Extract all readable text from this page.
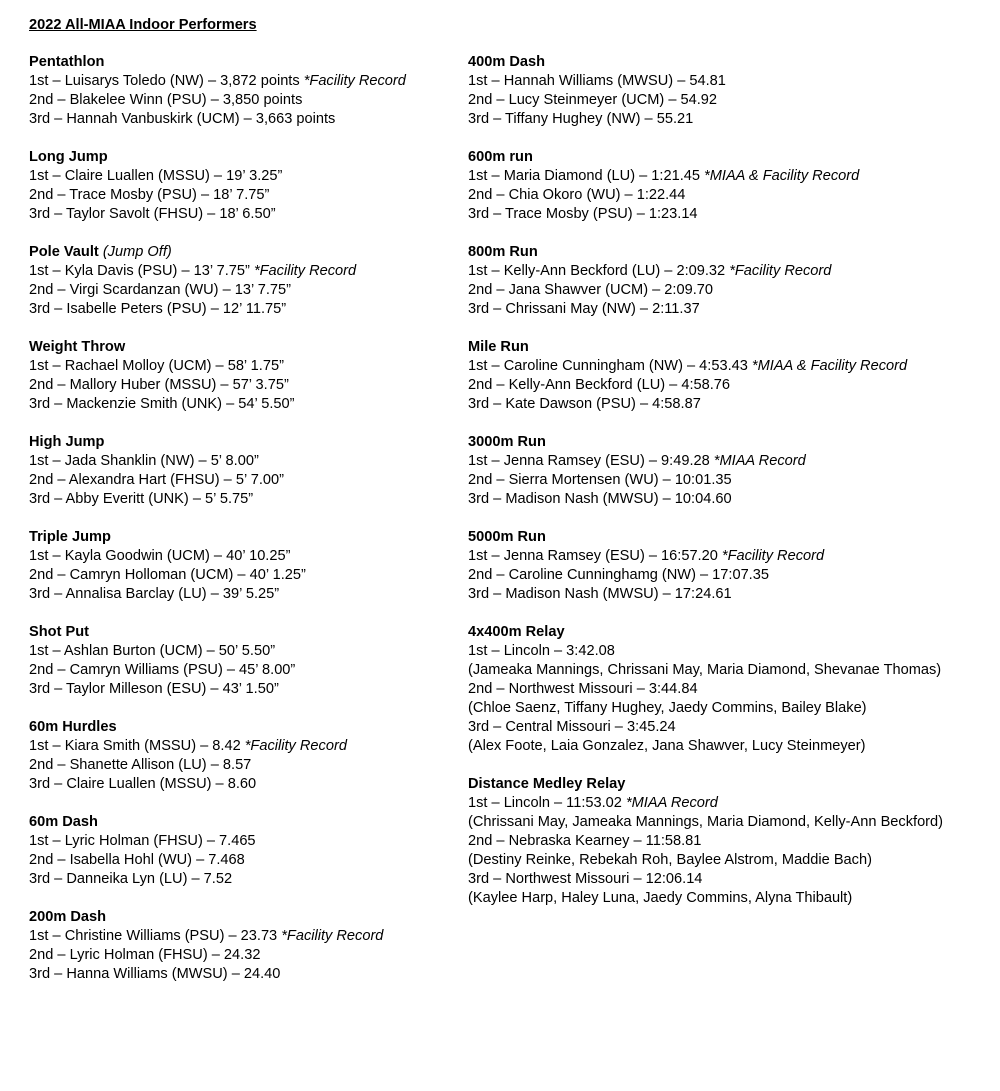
2022 All-MIAA Indoor Performers
Pentathlon
1st – Luisarys Toledo (NW) – 3,872 points *Facility Record
2nd – Blakelee Winn (PSU) – 3,850 points
3rd – Hannah Vanbuskirk (UCM) – 3,663 points
Long Jump
1st – Claire Luallen (MSSU) – 19’ 3.25”
2nd – Trace Mosby (PSU) – 18’ 7.75”
3rd – Taylor Savolt (FHSU) – 18’ 6.50”
Pole Vault (Jump Off)
1st – Kyla Davis (PSU) – 13’ 7.75” *Facility Record
2nd – Virgi Scardanzan (WU) – 13’ 7.75”
3rd – Isabelle Peters (PSU) – 12’ 11.75”
Weight Throw
1st – Rachael Molloy (UCM) – 58’ 1.75”
2nd – Mallory Huber (MSSU) – 57’ 3.75”
3rd – Mackenzie Smith (UNK) – 54’ 5.50”
High Jump
1st – Jada Shanklin (NW) – 5’ 8.00”
2nd – Alexandra Hart (FHSU) – 5’ 7.00”
3rd – Abby Everitt (UNK) – 5’ 5.75”
Triple Jump
1st – Kayla Goodwin (UCM) – 40’ 10.25”
2nd – Camryn Holloman (UCM) – 40’ 1.25”
3rd – Annalisa Barclay (LU) – 39’ 5.25”
Shot Put
1st – Ashlan Burton (UCM) – 50’ 5.50”
2nd – Camryn Williams (PSU) – 45’ 8.00”
3rd – Taylor Milleson (ESU) – 43’ 1.50”
60m Hurdles
1st – Kiara Smith (MSSU) – 8.42 *Facility Record
2nd – Shanette Allison (LU) – 8.57
3rd – Claire Luallen (MSSU) – 8.60
60m Dash
1st – Lyric Holman (FHSU) – 7.465
2nd – Isabella Hohl (WU) – 7.468
3rd – Danneika Lyn (LU) – 7.52
200m Dash
1st – Christine Williams (PSU) – 23.73 *Facility Record
2nd – Lyric Holman (FHSU) – 24.32
3rd – Hanna Williams (MWSU) – 24.40
400m Dash
1st – Hannah Williams (MWSU) – 54.81
2nd – Lucy Steinmeyer (UCM) – 54.92
3rd – Tiffany Hughey (NW) – 55.21
600m run
1st – Maria Diamond (LU) – 1:21.45 *MIAA & Facility Record
2nd – Chia Okoro (WU) – 1:22.44
3rd – Trace Mosby (PSU) – 1:23.14
800m Run
1st – Kelly-Ann Beckford (LU) – 2:09.32 *Facility Record
2nd – Jana Shawver (UCM) – 2:09.70
3rd – Chrissani May (NW) – 2:11.37
Mile Run
1st – Caroline Cunningham (NW) – 4:53.43 *MIAA & Facility Record
2nd – Kelly-Ann Beckford (LU) – 4:58.76
3rd – Kate Dawson (PSU) – 4:58.87
3000m Run
1st – Jenna Ramsey (ESU) – 9:49.28 *MIAA Record
2nd – Sierra Mortensen (WU) – 10:01.35
3rd – Madison Nash (MWSU) – 10:04.60
5000m Run
1st – Jenna Ramsey (ESU) – 16:57.20 *Facility Record
2nd – Caroline Cunninghamg (NW) – 17:07.35
3rd – Madison Nash (MWSU) – 17:24.61
4x400m Relay
1st – Lincoln – 3:42.08
(Jameaka Mannings, Chrissani May, Maria Diamond, Shevanae Thomas)
2nd – Northwest Missouri – 3:44.84
(Chloe Saenz, Tiffany Hughey, Jaedy Commins, Bailey Blake)
3rd – Central Missouri – 3:45.24
(Alex Foote, Laia Gonzalez, Jana Shawver, Lucy Steinmeyer)
Distance Medley Relay
1st – Lincoln – 11:53.02 *MIAA Record
(Chrissani May, Jameaka Mannings, Maria Diamond, Kelly-Ann Beckford)
2nd – Nebraska Kearney – 11:58.81
(Destiny Reinke, Rebekah Roh, Baylee Alstrom, Maddie Bach)
3rd – Northwest Missouri – 12:06.14
(Kaylee Harp, Haley Luna, Jaedy Commins, Alyna Thibault)
